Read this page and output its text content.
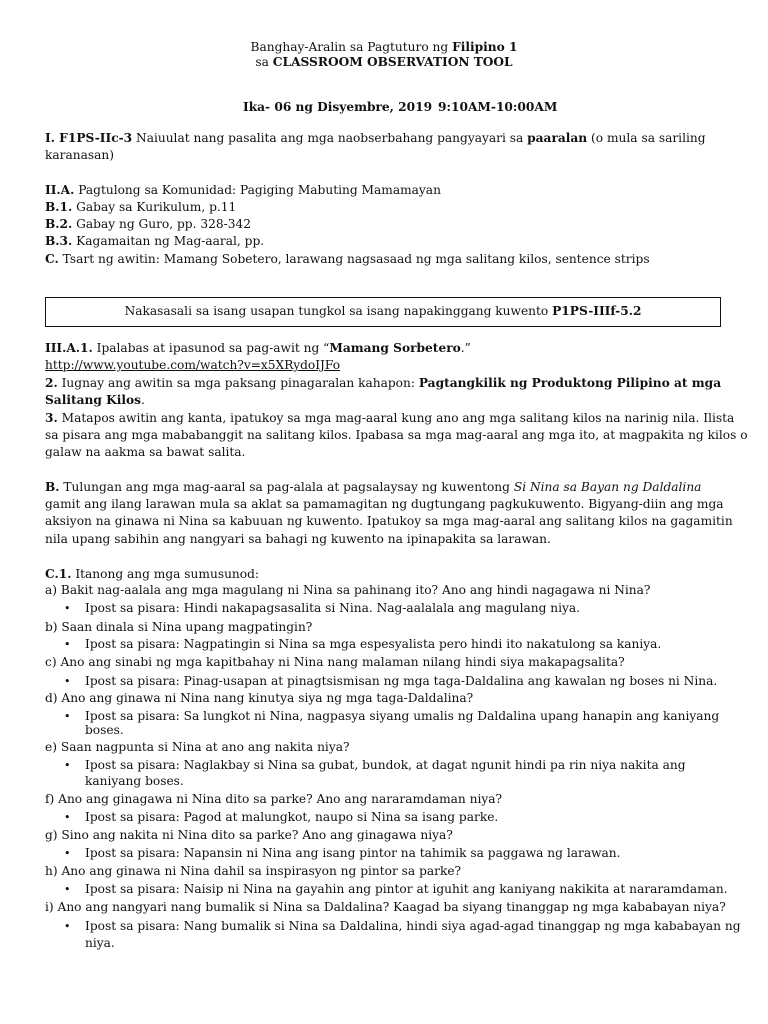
Banghay-Aralin sa Pagtuturo ng Filipino 1
sa CLASSROOM OBSERVATION TOOL
Ika- 06 ng Disyembre, 2019 9:10AM-10:00AM
I. F1PS-IIc-3 Naiuulat nang pasalita ang mga naobserbahang pangyayari sa paaralan (o mula sa sariling
karanasan)
II.A. Pagtulong sa Komunidad: Pagiging Mabuting Mamamayan
B.1. Gabay sa Kurikulum, p.11
B.2. Gabay ng Guro, pp. 328-342
B.3. Kagamaitan ng Mag-aaral, pp.
C. Tsart ng awitin: Mamang Sobetero, larawang nagsasaad ng mga salitang kilos, sentence strips
Nakasasali sa isang usapan tungkol sa isang napakinggang kuwento P1PS-IIIf-5.2
III.A.1. Ipalabas at ipasunod sa pag-awit ng “Mamang Sorbetero.”
http://www.youtube.com/watch?v=x5XRydoIJFo
2. Iugnay ang awitin sa mga paksang pinagaralan kahapon: Pagtangkilik ng Produktong Pilipino at mga
Salitang Kilos.
3. Matapos awitin ang kanta, ipatukoy sa mga mag-aaral kung ano ang mga salitang kilos na narinig nila. Ilista
sa pisara ang mga mababanggit na salitang kilos. Ipabasa sa mga mag-aaral ang mga ito, at magpakita ng kilos o
galaw na aakma sa bawat salita.
B. Tulungan ang mga mag-aaral sa pag-alala at pagsalaysay ng kuwentong Si Nina sa Bayan ng Daldalina
gamit ang ilang larawan mula sa aklat sa pamamagitan ng dugtungang pagkukuwento. Bigyang-diin ang mga
aksiyon na ginawa ni Nina sa kabuuan ng kuwento. Ipatukoy sa mga mag-aaral ang salitang kilos na gagamitin
nila upang sabihin ang nangyari sa bahagi ng kuwento na ipinapakita sa larawan.
C.1. Itanong ang mga sumusunod:
a) Bakit nag-aalala ang mga magulang ni Nina sa pahinang ito? Ano ang hindi nagagawa ni Nina?
• Ipost sa pisara: Hindi nakapagsasalita si Nina. Nag-aalalala ang magulang niya.
b) Saan dinala si Nina upang magpatingin?
• Ipost sa pisara: Nagpatingin si Nina sa mga espesyalista pero hindi ito nakatulong sa kaniya.
c) Ano ang sinabi ng mga kapitbahay ni Nina nang malaman nilang hindi siya makapagsalita?
• Ipost sa pisara: Pinag-usapan at pinagtsismisan ng mga taga-Daldalina ang kawalan ng boses ni Nina.
d) Ano ang ginawa ni Nina nang kinutya siya ng mga taga-Daldalina?
• Ipost sa pisara: Sa lungkot ni Nina, nagpasya siyang umalis ng Daldalina upang hanapin ang kaniyang
boses.
e) Saan nagpunta si Nina at ano ang nakita niya?
• Ipost sa pisara: Naglakbay si Nina sa gubat, bundok, at dagat ngunit hindi pa rin niya nakita ang
kaniyang boses.
f) Ano ang ginagawa ni Nina dito sa parke? Ano ang nararamdaman niya?
• Ipost sa pisara: Pagod at malungkot, naupo si Nina sa isang parke.
g) Sino ang nakita ni Nina dito sa parke? Ano ang ginagawa niya?
• Ipost sa pisara: Napansin ni Nina ang isang pintor na tahimik sa paggawa ng larawan.
h) Ano ang ginawa ni Nina dahil sa inspirasyon ng pintor sa parke?
• Ipost sa pisara: Naisip ni Nina na gayahin ang pintor at iguhit ang kaniyang nakikita at nararamdaman.
i) Ano ang nangyari nang bumalik si Nina sa Daldalina? Kaagad ba siyang tinanggap ng mga kababayan niya?
• Ipost sa pisara: Nang bumalik si Nina sa Daldalina, hindi siya agad-agad tinanggap ng mga kababayan ng
niya.
